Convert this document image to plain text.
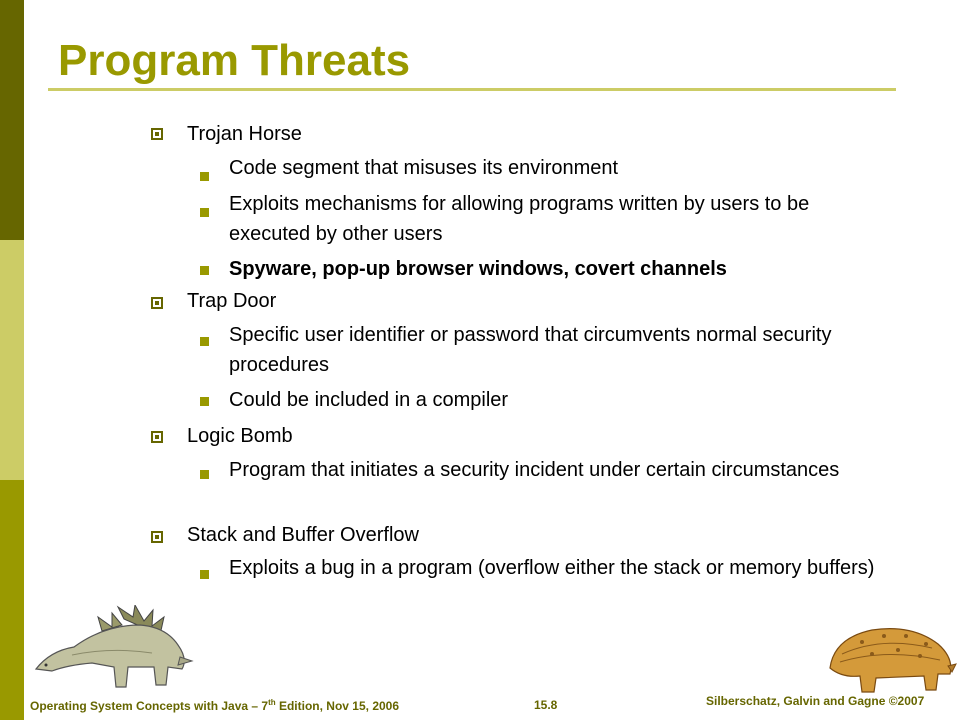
Program Threats
Trojan Horse
Code segment that misuses its environment
Exploits mechanisms for allowing programs written by users to be executed by other users
Spyware, pop-up browser windows, covert channels
Trap Door
Specific user identifier or password that circumvents normal security procedures
Could be included in a compiler
Logic Bomb
Program that initiates a security incident under certain circumstances
Stack and Buffer Overflow
Exploits a bug in a program (overflow either the stack or memory buffers)
Operating System Concepts with Java – 7th Edition, Nov 15, 2006	15.8	Silberschatz, Galvin and Gagne ©2007
